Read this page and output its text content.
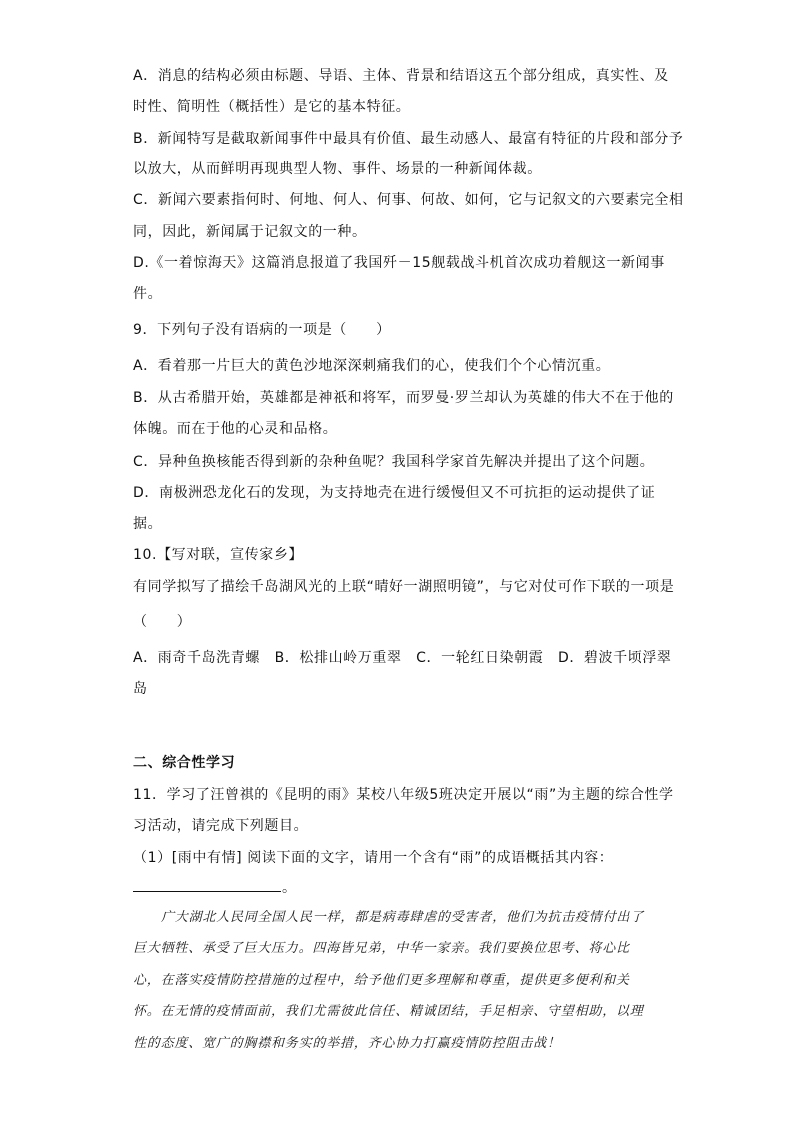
A．消息的结构必须由标题、导语、主体、背景和结语这五个部分组成，真实性、及
时性、简明性（概括性）是它的基本特征。
B．新闻特写是截取新闻事件中最具有价值、最生动感人、最富有特征的片段和部分予
以放大，从而鲜明再现典型人物、事件、场景的一种新闻体裁。
C．新闻六要素指何时、何地、何人、何事、何故、如何，它与记叙文的六要素完全相
同，因此，新闻属于记叙文的一种。
D.《一着惊海天》这篇消息报道了我国歼－15舰载战斗机首次成功着舰这一新闻事
件。
9．下列句子没有语病的一项是（　　）
A．看着那一片巨大的黄色沙地深深刺痛我们的心，使我们个个心情沉重。
B．从古希腊开始，英雄都是神祇和将军，而罗曼·罗兰却认为英雄的伟大不在于他的
体魄。而在于他的心灵和品格。
C．异种鱼换核能否得到新的杂种鱼呢？我国科学家首先解决并提出了这个问题。
D．南极洲恐龙化石的发现，为支持地壳在进行缓慢但又不可抗拒的运动提供了证
据。
10.【写对联，宣传家乡】
有同学拟写了描绘千岛湖风光的上联“晴好一湖照明镜”，与它对仗可作下联的一项是
（　　）
A．雨奇千岛洗青螺　B．松排山岭万重翠　C．一轮红日染朝霞　D．碧波千顷浮翠
岛
二、综合性学习
11．学习了汪曾祺的《昆明的雨》某校八年级5班决定开展以“雨”为主题的综合性学
习活动，请完成下列题目。
（1）[雨中有情] 阅读下面的文字，请用一个含有“雨”的成语概括其内容：
。
广大湖北人民同全国人民一样，都是病毒肆虐的受害者，他们为抗击疫情付出了
巨大牺牲、承受了巨大压力。四海皆兄弟，中华一家亲。我们要换位思考、将心比
心，在落实疫情防控措施的过程中，给予他们更多理解和尊重，提供更多便利和关
怀。在无情的疫情面前，我们尤需彼此信任、精诚团结，手足相亲、守望相助，以理
性的态度、宽广的胸襟和务实的举措，齐心协力打赢疫情防控阻击战！
